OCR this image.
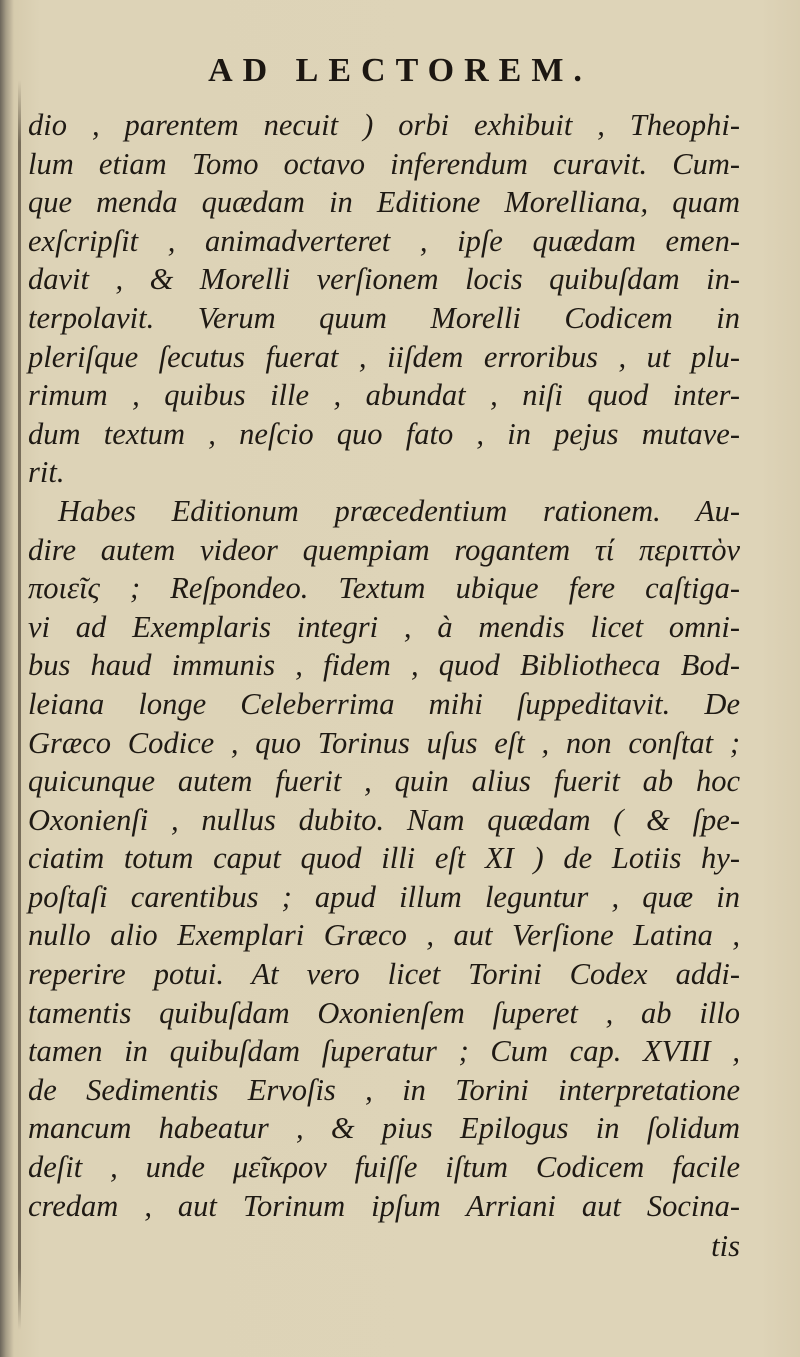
AD LECTOREM.
dio , parentem necuit ) orbi exhibuit , Theophi-
lum etiam Tomo octavo inferendum curavit. Cum-
que menda quædam in Editione Morelliana, quam
exſcripſit , animadverteret , ipſe quædam emen-
davit , & Morelli verſionem locis quibuſdam in-
terpolavit. Verum quum Morelli Codicem in
pleriſque ſecutus fuerat , iiſdem erroribus , ut plu-
rimum , quibus ille , abundat , niſi quod inter-
dum textum , neſcio quo fato , in pejus mutave-
rit.
Habes Editionum præcedentium rationem. Au-
dire autem videor quempiam rogantem τί περιττὸν
ποιεῖς ; Reſpondeo. Textum ubique fere caſtiga-
vi ad Exemplaris integri , à mendis licet omni-
bus haud immunis , fidem , quod Bibliotheca Bod-
leiana longe Celeberrima mihi ſuppeditavit. De
Græco Codice , quo Torinus uſus eſt , non conſtat ;
quicunque autem fuerit , quin alius fuerit ab hoc
Oxonienſi , nullus dubito. Nam quædam ( & ſpe-
ciatim totum caput quod illi eſt XI ) de Lotiis hy-
poſtaſi carentibus ; apud illum leguntur , quæ in
nullo alio Exemplari Græco , aut Verſione Latina ,
reperire potui. At vero licet Torini Codex addi-
tamentis quibuſdam Oxonienſem ſuperet , ab illo
tamen in quibuſdam ſuperatur ; Cum cap. XVIII ,
de Sedimentis Ervoſis , in Torini interpretatione
mancum habeatur , & pius Epilogus in ſolidum
deſit , unde μεῖκρον fuiſſe iſtum Codicem facile
credam , aut Torinum ipſum Arriani aut Socina-
tis
